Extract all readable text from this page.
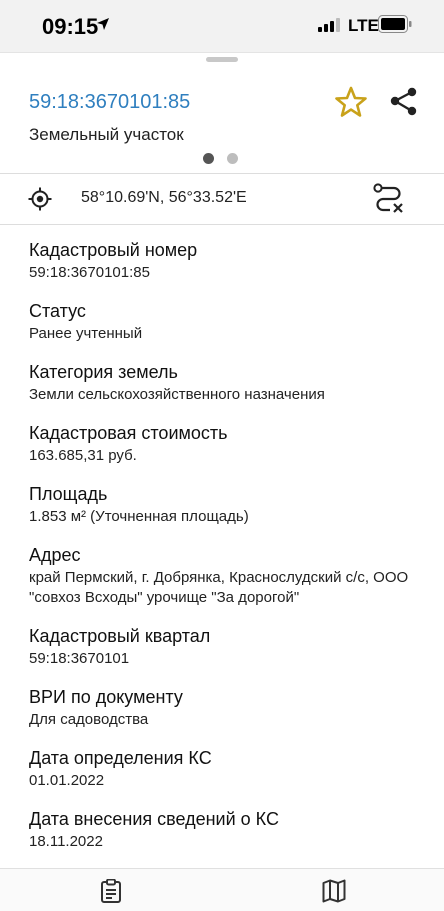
09:15	LTE
59:18:3670101:85
Земельный участок
58°10.69'N, 56°33.52'E
Кадастровый номер
59:18:3670101:85
Статус
Ранее учтенный
Категория земель
Земли сельскохозяйственного назначения
Кадастровая стоимость
163.685,31 руб.
Площадь
1.853 м² (Уточненная площадь)
Адрес
край Пермский, г. Добрянка, Краснослудский с/с, ООО "совхоз Всходы" урочище "За дорогой"
Кадастровый квартал
59:18:3670101
ВРИ по документу
Для садоводства
Дата определения КС
01.01.2022
Дата внесения сведений о КС
18.11.2022
